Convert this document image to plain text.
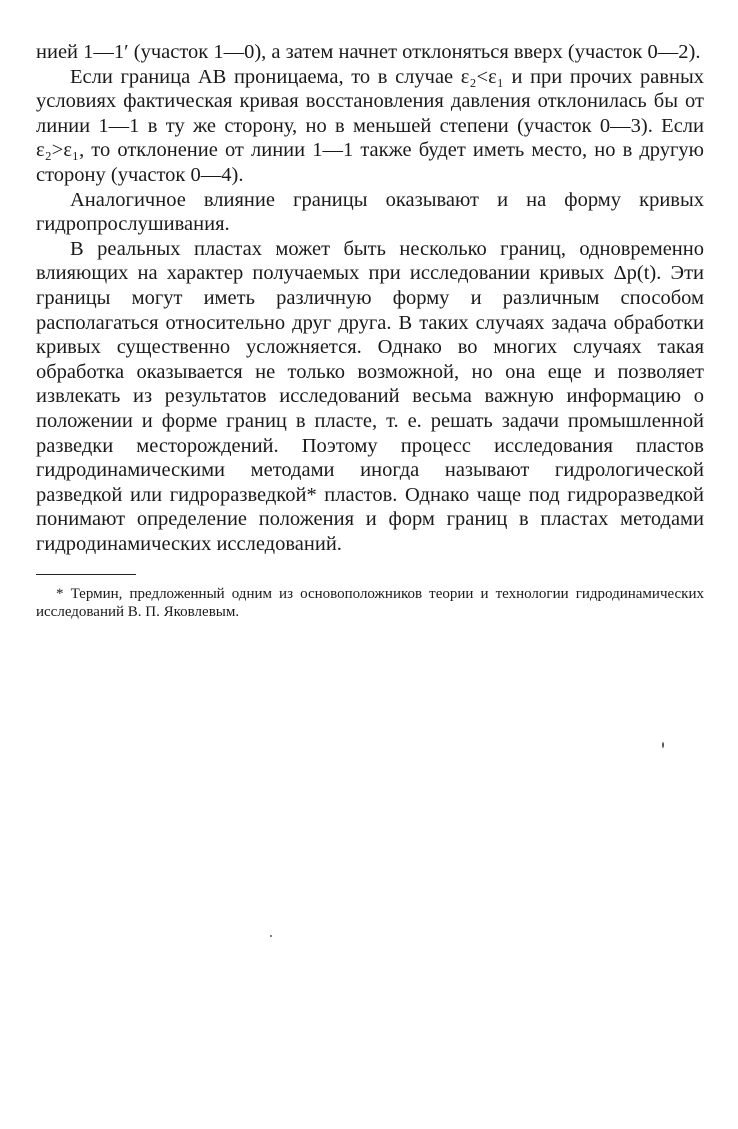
нией 1—1′ (участок 1—0), а затем начнет отклоняться вверх (участок 0—2).

Если граница AB проницаема, то в случае ε₂<ε₁ и при прочих равных условиях фактическая кривая восстановления давления отклонилась бы от линии 1—1 в ту же сторону, но в меньшей степени (участок 0—3). Если ε₂>ε₁, то отклонение от линии 1—1 также будет иметь место, но в другую сторону (участок 0—4).

Аналогичное влияние границы оказывают и на форму кривых гидропрослушивания.

В реальных пластах может быть несколько границ, одновременно влияющих на характер получаемых при исследовании кривых Δp(t). Эти границы могут иметь различную форму и различным способом располагаться относительно друг друга. В таких случаях задача обработки кривых существенно усложняется. Однако во многих случаях такая обработка оказывается не только возможной, но она еще и позволяет извлекать из результатов исследований весьма важную информацию о положении и форме границ в пласте, т. е. решать задачи промышленной разведки месторождений. Поэтому процесс исследования пластов гидродинамическими методами иногда называют гидрологической разведкой или гидроразведкой* пластов. Однако чаще под гидроразведкой понимают определение положения и форм границ в пластах методами гидродинамических исследований.

* Термин, предложенный одним из основоположников теории и технологии гидродинамических исследований В. П. Яковлевым.
